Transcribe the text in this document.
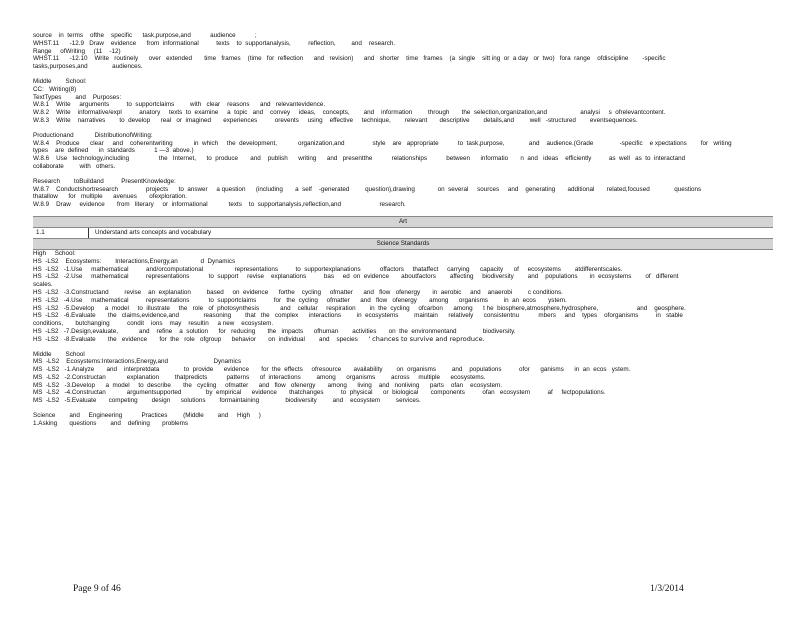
source    in  terms    ofthe    specific      task,purpose,and           audience           ;
WHST.11      -12.9   Draw    evidence      from  informational          texts    to  supportanalysis,          reflection,         and    research.
Range     ofWriting     (11    -12)
WHST.11      -12.10    Write   routinely      over   extended       time   frames    (time   for  reflection      and   revision)      and   shorter    time   frames    (a  single    sitt ing  or  a day   or  two)   fora  range    ofdiscipline        -specific
tasks,purposes,and              audiences.
Middle        School:
CC:   Writing(8)
TextTypes        and    Purposes:
W.8.1    Write     arguments          to  supportclaims         with   clear    reasons      and   relevantevidence.
W.8.2    Write    informative/expl          anatory     texts  to  examine     a  topic   and    convey     ideas,    concepts,        and    information         through       the  selection,organization,and                   analysi     s  ofrelevantcontent.
W.8.3    Write    narratives        to  develop      real   or  imagined       experiences          orevents     using    effective     technique,        relevant       descriptive        details,and         well   -structured        eventsequences.
Productionand            DistributionofWriting:
W.8.4    Produce      clear     and    coherentwriting            in  which     the  development,            organization,and                style    are   appropriate           to  task,purpose,              and    audience.(Grade               -specific    e xpectations        for   writing
types    are  defined      in  standards           1 —3  above.)
W.8.6    Use   technology,including                 the   Internet,      to  produce       and    publish      writing      and   presentthe           relationships           between      informatio       n  and   ideas    efficiently          as  well   as  to  interactand
collaborate         with   others.
Research        toBuildand          PresentKnowledge:
W.8.7    Conductshortresearch                projects      to  answer     a question      (including       a  self    -generated         question),drawing             on  several     sources     and    generating       additional       related,focused              questions
thatallow      for   multiple      avenues       ofexploration.
W.8.9    Draw     evidence       from   literary     or  informational            texts    to  supportanalysis,reflection,and                      research.
Art
1.1	Understand arts concepts and vocabulary
Science Standards
High     School:
HS  -LS2    Ecosystems:        Interactions,Energy,an             d  Dynamics
HS  -LS2   -1.Use     mathematical          and/orcomputational                  representations          to  supportexplanations           offactors     thataffect     carrying      capacity      of     ecosystems        atdifferentscales.
HS  -LS2   -2.Use     mathematical          representations           to  support     revise    explanations          bas     ed  on  evidence       aboutfactors        affecting     biodiversity        and    populations       in  ecosystems        of   different
scales.
HS  -LS2   -3.Constructand         revise    an  explanation         based     on  evidence      forthe    cycling     ofmatter      and   flow   ofenergy       in  aerobic     and    anaerobi         c conditions.
HS  -LS2   -4.Use     mathematical          representations           to  supportclaims          for   the  cycling     ofmatter      and   flow   ofenergy       among      organisms         in  an  ecos       ystem.
HS  -LS2   -5.Develop      a  model     to  illustrate     the   role   of  photosynthesis            and    cellular     respiration        in  the  cycling     ofcarbon      among      t he  biosphere,atmosphere,hydrosphere,                      and    geosphere.
HS  -LS2   -6.Evaluate       the   claims,evidence,and              reasoning        that   the   complex      interactions         in  ecosystems         maintain      relatively      consistentnu           mbers     and    types    oforganisms          in   stable
conditions,       butchanging          condit    ions    may    resultin     a new    ecosystem.
HS  -LS2   -7.Design,evaluate,            and    refine    a  solution      for   reducing       the   impacts      ofhuman        activities       on  the  environmentand               biodiversity.
HS  -LS2   -8.Evaluate       the   evidence       for  the   role   ofgroup      behavior       on  individual        and    species      ' chances to survive and reproduce.
Middle        School
MS  -LS2    Ecosystems:Interactions,Energy,and                          Dynamics
MS  -LS2   -1.Analyze       and    interpretdata              to  provide      evidence       for  the  effects     ofresource       availability        on  organisms         and    populations          ofor      ganisms      in  an  ecos   ystem.
MS  -LS2   -2.Constructan            explanation         thatpredicts           patterns      of  interactions         among      organisms         across     multiple      ecosystems.
MS  -LS2   -3.Develop      a  model     to  describe       the   cycling     ofmatter      and   flow   ofenergy       among      living    and   nonliving      parts    ofan    ecosystem.
MS  -LS2   -4.Constructan            argumentsupported              by  empirical      evidence       thatchanges          to  physical      or  biological       components          ofan   ecosystem          af     fectpopulations.
MS  -LS2   -5.Evaluate       competing        design      solutions        formaintaining               biodiversity         and    ecosystem         services.
Science        and     Engineering           Practices         (Middle        and     High     )
1.Asking       questions        and    defining       problems
Page 9 of 46	1/3/2014
